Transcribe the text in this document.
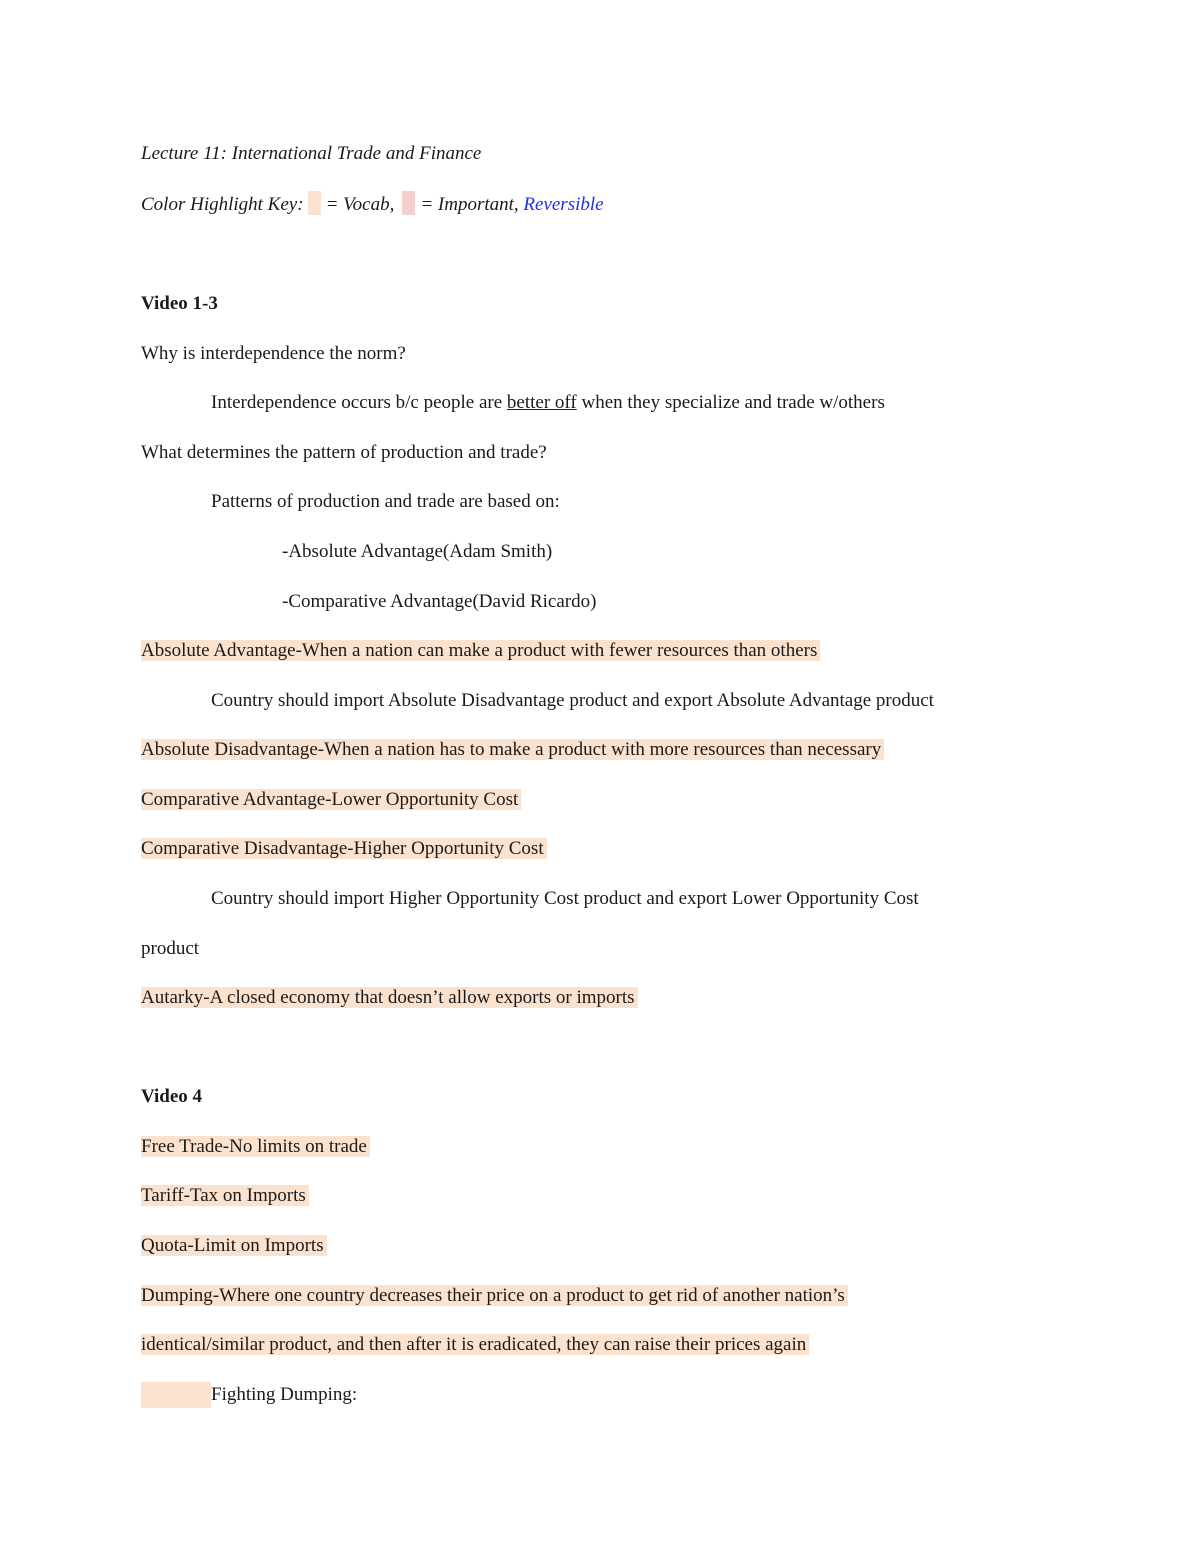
Lecture 11: International Trade and Finance
Color Highlight Key: = Vocab, = Important, Reversible
Video 1-3
Why is interdependence the norm?
Interdependence occurs b/c people are better off when they specialize and trade w/others
What determines the pattern of production and trade?
Patterns of production and trade are based on:
-Absolute Advantage(Adam Smith)
-Comparative Advantage(David Ricardo)
Absolute Advantage-When a nation can make a product with fewer resources than others
Country should import Absolute Disadvantage product and export Absolute Advantage product
Absolute Disadvantage-When a nation has to make a product with more resources than necessary
Comparative Advantage-Lower Opportunity Cost
Comparative Disadvantage-Higher Opportunity Cost
Country should import Higher Opportunity Cost product and export Lower Opportunity Cost
product
Autarky-A closed economy that doesn’t allow exports or imports
Video 4
Free Trade-No limits on trade
Tariff-Tax on Imports
Quota-Limit on Imports
Dumping-Where one country decreases their price on a product to get rid of another nation’s
identical/similar product, and then after it is eradicated, they can raise their prices again
Fighting Dumping:
